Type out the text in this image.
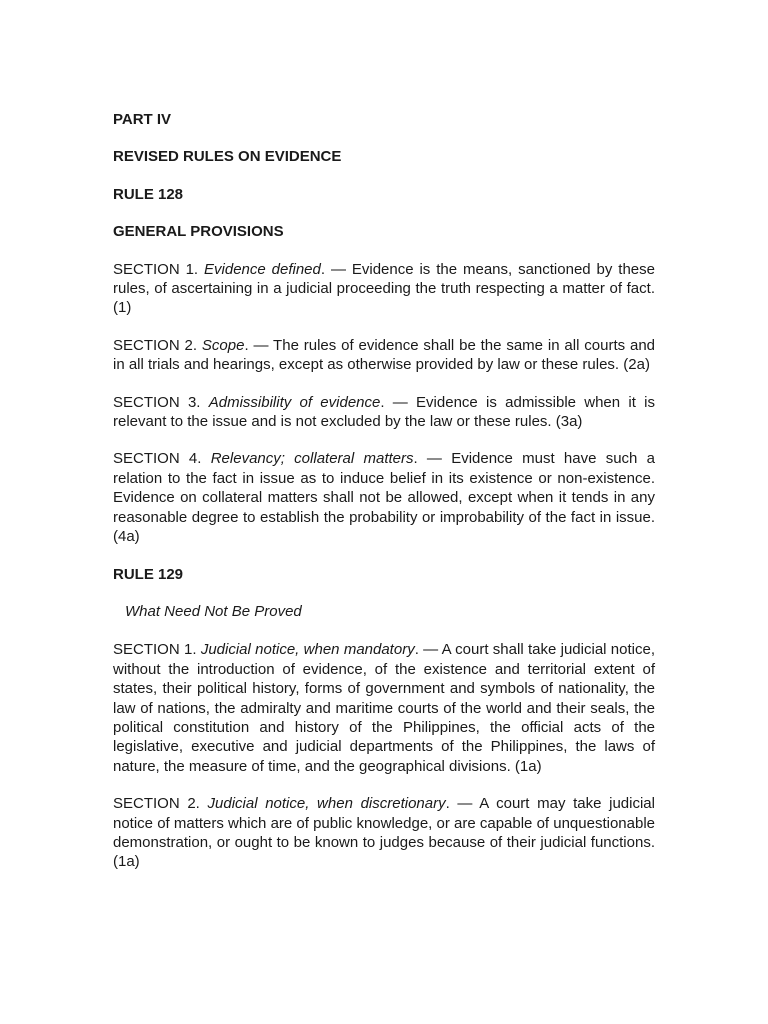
PART IV

REVISED RULES ON EVIDENCE

RULE 128

GENERAL PROVISIONS

SECTION 1. Evidence defined. — Evidence is the means, sanctioned by these rules, of ascertaining in a judicial proceeding the truth respecting a matter of fact. (1)

SECTION 2. Scope. — The rules of evidence shall be the same in all courts and in all trials and hearings, except as otherwise provided by law or these rules. (2a)

SECTION 3. Admissibility of evidence. — Evidence is admissible when it is relevant to the issue and is not excluded by the law or these rules. (3a)

SECTION 4. Relevancy; collateral matters. — Evidence must have such a relation to the fact in issue as to induce belief in its existence or non-existence. Evidence on collateral matters shall not be allowed, except when it tends in any reasonable degree to establish the probability or improbability of the fact in issue. (4a)

RULE 129

What Need Not Be Proved

SECTION 1. Judicial notice, when mandatory. — A court shall take judicial notice, without the introduction of evidence, of the existence and territorial extent of states, their political history, forms of government and symbols of nationality, the law of nations, the admiralty and maritime courts of the world and their seals, the political constitution and history of the Philippines, the official acts of the legislative, executive and judicial departments of the Philippines, the laws of nature, the measure of time, and the geographical divisions. (1a)

SECTION 2. Judicial notice, when discretionary. — A court may take judicial notice of matters which are of public knowledge, or are capable of unquestionable demonstration, or ought to be known to judges because of their judicial functions. (1a)
